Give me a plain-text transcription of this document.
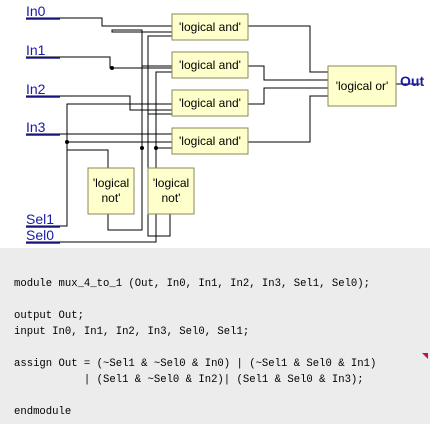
In0
In1
In2
In3
Sel1
Sel0
Out
'logical and'
'logical and'
'logical and'
'logical and'
'logical or'
'logical
not'
'logical
not'
module mux_4_to_1 (Out, In0, In1, In2, In3, Sel1, Sel0);
output Out;
input In0, In1, In2, In3, Sel0, Sel1;
assign Out = (~Sel1 & ~Sel0 & In0) | (~Sel1 & Sel0 & In1)
| (Sel1 & ~Sel0 & In2)| (Sel1 & Sel0 & In3);
endmodule
